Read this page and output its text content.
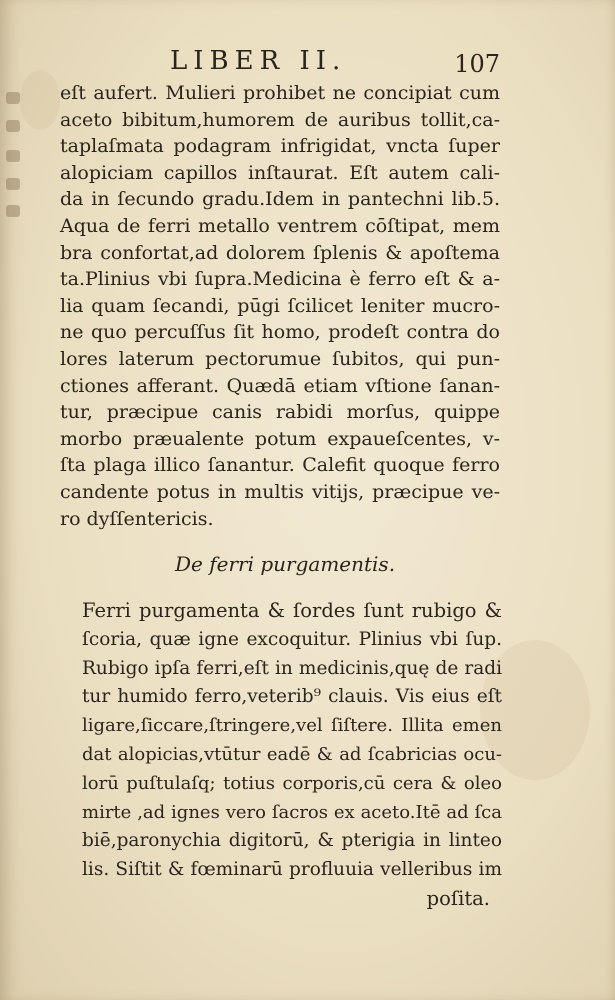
LIBER II.	107
eſt aufert. Mulieri prohibet ne concipiat cum
aceto bibitum,humorem de auribus tollit,ca-
taplaſmata podagram infrigidat, vncta ſuper
alopiciam capillos inſtaurat. Eſt autem cali-
da in ſecundo gradu.Idem in pantechni lib.5.
Aqua de ferri metallo ventrem cōſtipat, mem
bra confortat,ad dolorem ſplenis & apoſtema
ta.Plinius vbi ſupra.Medicina è ferro eſt & a-
lia quam ſecandi, pūgi ſcilicet leniter mucro-
ne quo percuſſus ſit homo, prodeſt contra do
lores laterum pectorumue ſubitos, qui pun-
ctiones afferant. Quædā etiam vſtione ſanan-
tur, præcipue canis rabidi morſus, quippe
morbo præualente potum expaueſcentes, v-
ſta plaga illico ſanantur. Calefit quoque ferro
candente potus in multis vitijs, præcipue ve-
ro dyſſentericis.
De ferri purgamentis.
Ferri purgamenta & ſordes ſunt rubigo &
ſcoria, quæ igne excoquitur. Plinius vbi ſup.
Rubigo ipſa ferri,eſt in medicinis,quę de radi
tur humido ferro,veterib⁹ clauis. Vis eius eſt
ligare,ſiccare,ſtringere,vel ſiſtere. Illita emen
dat alopicias,vtūtur eadē & ad ſcabricias ocu-
lorū puſtulaſq; totius corporis,cū cera & oleo
mirte ,ad ignes vero ſacros ex aceto.Itē ad ſca
biē,paronychia digitorū, & pterigia in linteo
lis. Siſtit & fœminarū profluuia velleribus im
poſita.
